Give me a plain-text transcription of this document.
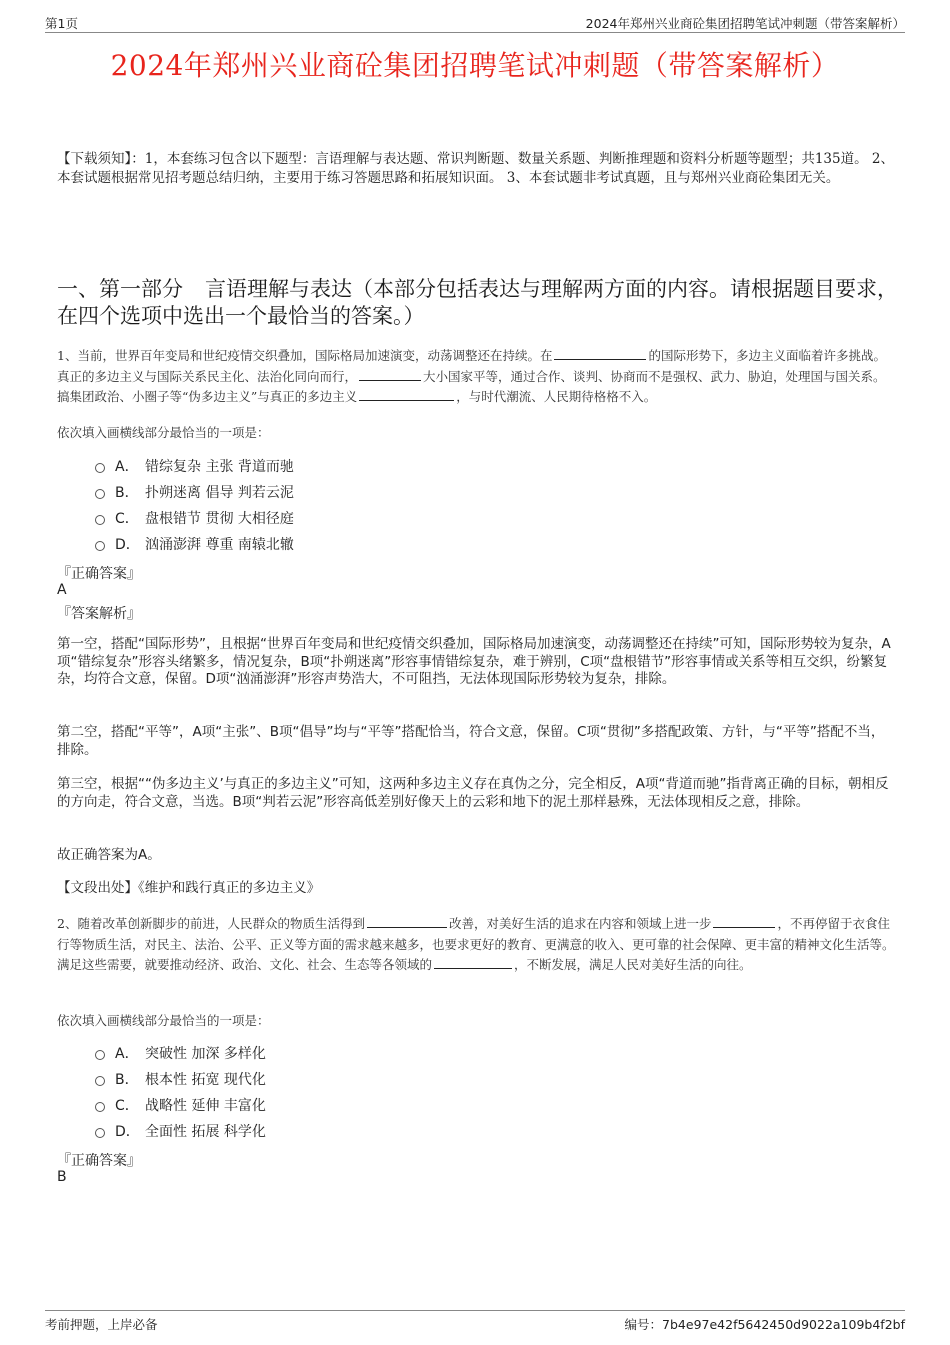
第1页	2024年郑州兴业商砼集团招聘笔试冲刺题（带答案解析）
2024年郑州兴业商砼集团招聘笔试冲刺题（带答案解析）
【下载须知】：1，本套练习包含以下题型：言语理解与表达题、常识判断题、数量关系题、判断推理题和资料分析题等题型；共135道。 2、本套试题根据常见招考题总结归纳，主要用于练习答题思路和拓展知识面。 3、本套试题非考试真题，且与郑州兴业商砼集团无关。
一、第一部分 言语理解与表达（本部分包括表达与理解两方面的内容。请根据题目要求，在四个选项中选出一个最恰当的答案。）
1、当前，世界百年变局和世纪疫情交织叠加，国际格局加速演变，动荡调整还在持续。在	的国际形势下，多边主义面临着许多挑战。真正的多边主义与国际关系民主化、法治化同向而行，	大小国家平等，通过合作、谈判、协商而不是强权、武力、胁迫，处理国与国关系。搞集团政治、小圈子等“伪多边主义”与真正的多边主义	，与时代潮流、人民期待格格不入。
依次填入画横线部分最恰当的一项是：
A． 错综复杂 主张 背道而驰
B． 扑朔迷离 倡导 判若云泥
C． 盘根错节 贯彻 大相径庭
D． 汹涌澎湃 尊重 南辕北辙
『正确答案』
A
『答案解析』
第一空，搭配“国际形势”，且根据“世界百年变局和世纪疫情交织叠加，国际格局加速演变，动荡调整还在持续”可知，国际形势较为复杂，A项“错综复杂”形容头绪繁多，情况复杂，B项“扑朔迷离”形容事情错综复杂，难于辨别，C项“盘根错节”形容事情或关系等相互交织，纷繁复杂，均符合文意，保留。D项“汹涌澎湃”形容声势浩大，不可阻挡，无法体现国际形势较为复杂，排除。
第二空，搭配“平等”，A项“主张”、B项“倡导”均与“平等”搭配恰当，符合文意，保留。C项“贯彻”多搭配政策、方针，与“平等”搭配不当，排除。
第三空，根据““伪多边主义’与真正的多边主义”可知，这两种多边主义存在真伪之分，完全相反，A项“背道而驰”指背离正确的目标，朝相反的方向走，符合文意，当选。B项“判若云泥”形容高低差别好像天上的云彩和地下的泥土那样悬殊，无法体现相反之意，排除。
故正确答案为A。
【文段出处】《维护和践行真正的多边主义》
2、随着改革创新脚步的前进，人民群众的物质生活得到	改善，对美好生活的追求在内容和领域上进一步	，不再停留于衣食住行等物质生活，对民主、法治、公平、正义等方面的需求越来越多，也要求更好的教育、更满意的收入、更可靠的社会保障、更丰富的精神文化生活等。满足这些需要，就要推动经济、政治、文化、社会、生态等各领域的	，不断发展，满足人民对美好生活的向往。
依次填入画横线部分最恰当的一项是：
A． 突破性 加深 多样化
B． 根本性 拓宽 现代化
C． 战略性 延伸 丰富化
D． 全面性 拓展 科学化
『正确答案』
B
考前押题，上岸必备	编号：7b4e97e42f5642450d9022a109b4f2bf
